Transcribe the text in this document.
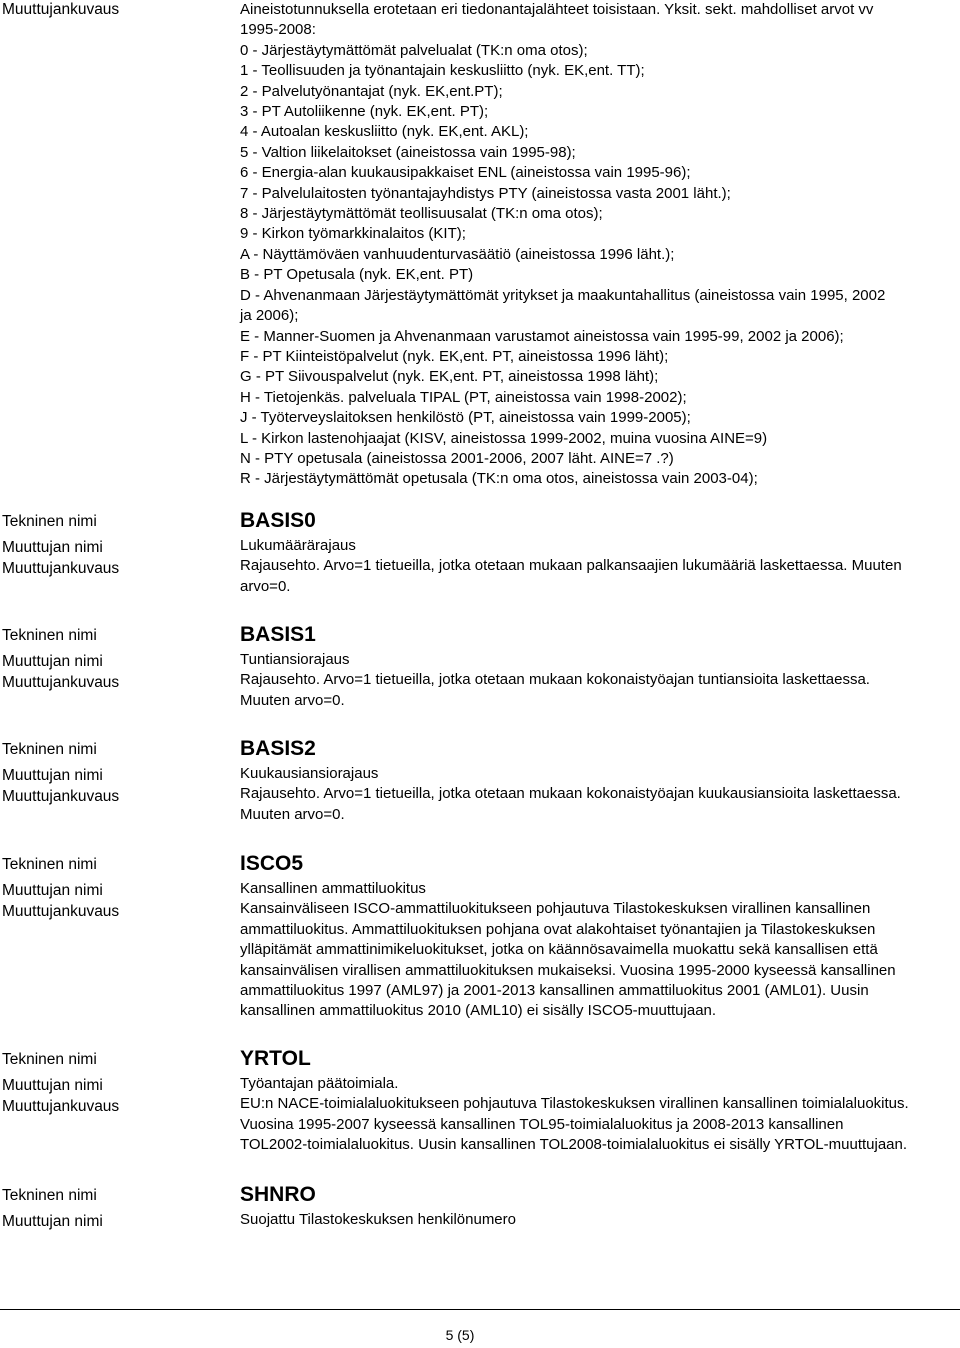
Muuttujankuvaus	Aineistotunnuksella erotetaan eri tiedonantajalähteet toisistaan. Yksit. sekt. mahdolliset arvot vv
1995-2008:
0 - Järjestäytymättömät palvelualat (TK:n oma otos);
1 - Teollisuuden ja työnantajain keskusliitto (nyk. EK,ent. TT);
2 - Palvelutyönantajat (nyk. EK,ent.PT);
3 - PT Autoliikenne (nyk. EK,ent. PT);
4 - Autoalan keskusliitto (nyk. EK,ent. AKL);
5 - Valtion liikelaitokset (aineistossa vain 1995-98);
6 - Energia-alan kuukausipakkaiset ENL (aineistossa vain 1995-96);
7 - Palvelulaitosten työnantajayhdistys PTY (aineistossa vasta 2001 läht.);
8 - Järjestäytymättömät teollisuusalat (TK:n oma otos);
9 - Kirkon työmarkkinalaitos (KIT);
A - Näyttämöväen vanhuudenturvasäätiö (aineistossa 1996 läht.);
B - PT Opetusala (nyk. EK,ent. PT)
D - Ahvenanmaan Järjestäytymättömät yritykset ja maakuntahallitus (aineistossa vain 1995, 2002
ja 2006);
E - Manner-Suomen ja Ahvenanmaan varustamot aineistossa vain 1995-99, 2002 ja 2006);
F - PT Kiinteistöpalvelut (nyk. EK,ent. PT, aineistossa 1996 läht);
G - PT Siivouspalvelut (nyk. EK,ent. PT, aineistossa 1998 läht);
H - Tietojenkäs. palveluala TIPAL (PT, aineistossa vain 1998-2002);
J - Työterveyslaitoksen henkilöstö (PT, aineistossa vain 1999-2005);
L - Kirkon lastenohjaajat (KISV, aineistossa 1999-2002, muina vuosina AINE=9)
N - PTY opetusala (aineistossa 2001-2006, 2007 läht. AINE=7 .?)
R - Järjestäytymättömät opetusala (TK:n oma otos, aineistossa vain 2003-04);
Tekninen nimi
Muuttujan nimi
Muuttujankuvaus
BASIS0
Lukumäärärajaus
Rajausehto. Arvo=1 tietueilla, jotka otetaan mukaan palkansaajien lukumääriä laskettaessa. Muuten
arvo=0.
Tekninen nimi
Muuttujan nimi
Muuttujankuvaus
BASIS1
Tuntiansiorajaus
Rajausehto. Arvo=1 tietueilla, jotka otetaan mukaan kokonaistyöajan tuntiansioita laskettaessa.
Muuten arvo=0.
Tekninen nimi
Muuttujan nimi
Muuttujankuvaus
BASIS2
Kuukausiansiorajaus
Rajausehto. Arvo=1 tietueilla, jotka otetaan mukaan kokonaistyöajan kuukausiansioita laskettaessa.
Muuten arvo=0.
Tekninen nimi
Muuttujan nimi
Muuttujankuvaus
ISCO5
Kansallinen ammattiluokitus
Kansainväliseen ISCO-ammattiluokitukseen pohjautuva Tilastokeskuksen virallinen kansallinen
ammattiluokitus. Ammattiluokituksen pohjana ovat alakohtaiset työnantajien ja Tilastokeskuksen
ylläpitämät ammattinimikeluokitukset, jotka on käännösavaimella muokattu sekä kansallisen että
kansainvälisen virallisen ammattiluokituksen mukaiseksi. Vuosina 1995-2000 kyseessä kansallinen
ammattiluokitus 1997 (AML97) ja 2001-2013 kansallinen ammattiluokitus 2001 (AML01). Uusin
kansallinen ammattiluokitus 2010 (AML10) ei sisälly ISCO5-muuttujaan.
Tekninen nimi
Muuttujan nimi
Muuttujankuvaus
YRTOL
Työantajan päätoimiala.
EU:n NACE-toimialaluokitukseen pohjautuva Tilastokeskuksen virallinen kansallinen toimialaluokitus.
Vuosina 1995-2007 kyseessä kansallinen TOL95-toimialaluokitus ja 2008-2013 kansallinen
TOL2002-toimialaluokitus. Uusin kansallinen TOL2008-toimialaluokitus ei sisälly YRTOL-muuttujaan.
Tekninen nimi
Muuttujan nimi
SHNRO
Suojattu Tilastokeskuksen henkilönumero
5 (5)
